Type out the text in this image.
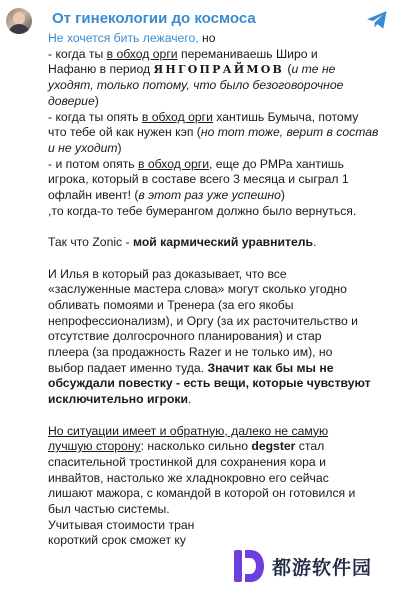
От гинекологии до космоса

Не хочется бить лежачего, но

- когда ты в обход орги переманиваешь Широ и

Нафаню в период ЯНГОПРАЙМОВ (и те не

уходят, только потому, что было безоговорочное

доверие)

- когда ты опять в обход орги хантишь Бумыча, потому

что тебе ой как нужен кэп (но тот тоже, верит в состав

и не уходит)

- и потом опять в обход орги, еще до РМРа хантишь

игрока, который в составе всего 3 месяца и сыграл 1

офлайн ивент! (в этот раз уже успешно)

,то когда-то тебе бумерангом должно было вернуться.

Так что Zonic - мой кармический уравнитель.

И Илья в который раз доказывает, что все

«заслуженные мастера слова» могут сколько угодно

обливать помоями и Тренера (за его якобы

непрофессионализм), и Оргу (за их расточительство и

отсутствие долгосрочного планирования) и стар

плеера (за продажность Razer и не только им), но

выбор падает именно туда. Значит как бы мы не

обсуждали повестку - есть вещи, которые чувствуют

исключительно игроки.

Но ситуации имеет и обратную, далеко не самую

лучшую сторону: насколько сильно degster стал

спасительной тростинкой для сохранения кора и

инвайтов, настолько же хладнокровно его сейчас

лишают мажора, с командой в которой он готовился и

был частью системы.

Учитывая стоимости тран

короткий срок сможет ку

都游软件园
